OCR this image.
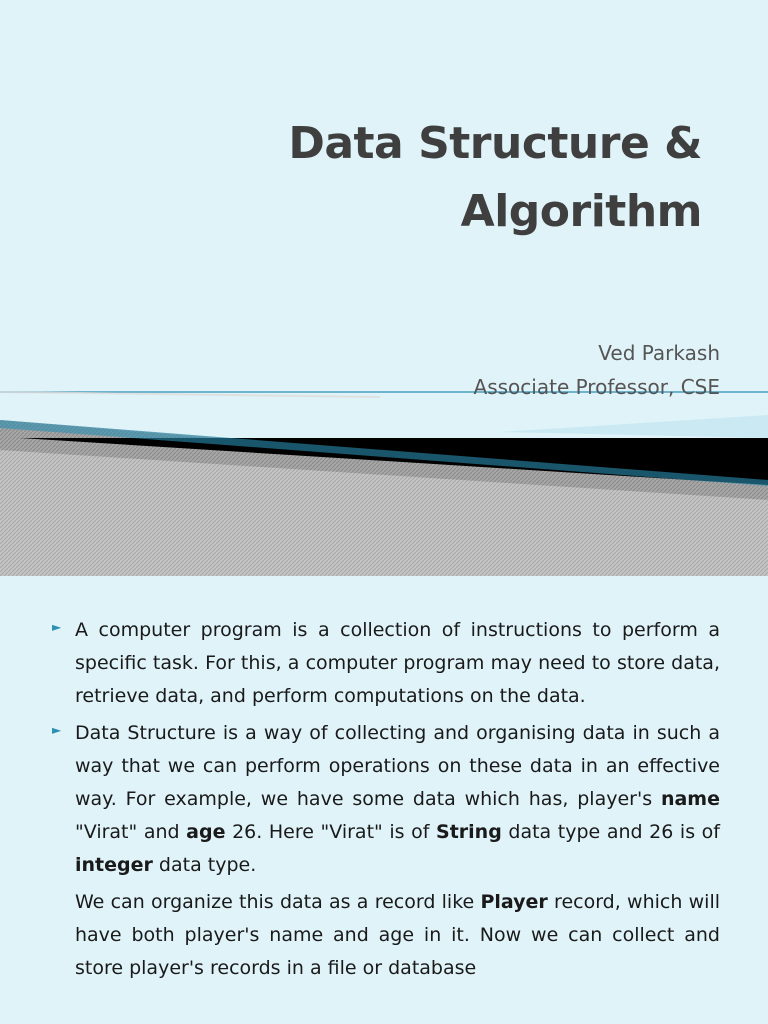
Data Structure &
Algorithm
Ved Parkash
Associate Professor, CSE
► A computer program is a collection of instructions to perform a specific task. For this, a computer program may need to store data, retrieve data, and perform computations on the data.
► Data Structure is a way of collecting and organising data in such a way that we can perform operations on these data in an effective way. For example, we have some data which has, player's name "Virat" and age 26. Here "Virat" is of String data type and 26 is of integer data type.
We can organize this data as a record like Player record, which will have both player's name and age in it. Now we can collect and store player's records in a file or database
